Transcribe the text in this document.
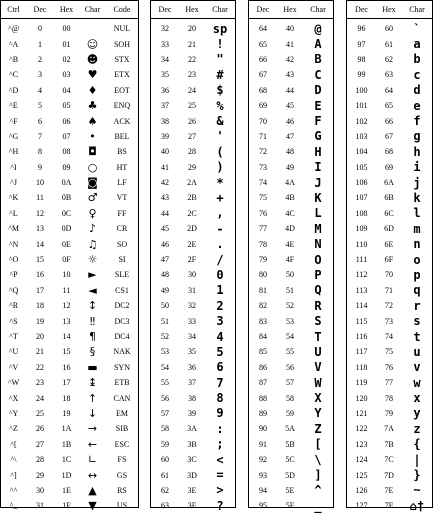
Ctrl	Dec	Hex	Char	Code
^@	0	00		NUL
^A	1	01	☺	SOH
^B	2	02	☻	STX
^C	3	03	♥	ETX
^D	4	04	♦	EOT
^E	5	05	♣	ENQ
^F	6	06	♠	ACK
^G	7	07	•	BEL
^H	8	08	◘	BS
^I	9	09	○	HT
^J	10	0A	◙	LF
^K	11	0B	♂	VT
^L	12	0C	♀	FF
^M	13	0D	♪	CR
^N	14	0E	♫	SO
^O	15	0F	☼	SI
^P	16	10	►	SLE
^Q	17	11	◄	CS1
^R	18	12	↕	DC2
^S	19	13	‼	DC3
^T	20	14	¶	DC4
^U	21	15	§	NAK
^V	22	16	▬	SYN
^W	23	17	↨	ETB
^X	24	18	↑	CAN
^Y	25	19	↓	EM
^Z	26	1A	→	SIB
^[	27	1B	←	ESC
^\	28	1C	∟	FS
^]	29	1D	↔	GS
^^	30	1E	▲	RS
^_	31	1F	▼	US
Dec	Hex	Char
32	20	sp
33	21	!
34	22	"
35	23	#
36	24	$
37	25	%
38	26	&
39	27	'
40	28	(
41	29	)
42	2A	*
43	2B	+
44	2C	,
45	2D	-
46	2E	.
47	2F	/
48	30	0
49	31	1
50	32	2
51	33	3
52	34	4
53	35	5
54	36	6
55	37	7
56	38	8
57	39	9
58	3A	:
59	3B	;
60	3C	<
61	3D	=
62	3E	>
63	3F	?
Dec	Hex	Char
64	40	@
65	41	A
66	42	B
67	43	C
68	44	D
69	45	E
70	46	F
71	47	G
72	48	H
73	49	I
74	4A	J
75	4B	K
76	4C	L
77	4D	M
78	4E	N
79	4F	O
80	50	P
81	51	Q
82	52	R
83	53	S
84	54	T
85	55	U
86	56	V
87	57	W
88	58	X
89	59	Y
90	5A	Z
91	5B	[
92	5C	\
93	5D	]
94	5E	^
95	5F	_
Dec	Hex	Char
96	60	`
97	61	a
98	62	b
99	63	c
100	64	d
101	65	e
102	66	f
103	67	g
104	68	h
105	69	i
106	6A	j
107	6B	k
108	6C	l
109	6D	m
110	6E	n
111	6F	o
112	70	p
113	71	q
114	72	r
115	73	s
116	74	t
117	75	u
118	76	v
119	77	w
120	78	x
121	79	y
122	7A	z
123	7B	{
124	7C	|
125	7D	}
126	7E	~
127	7F	⌂†
